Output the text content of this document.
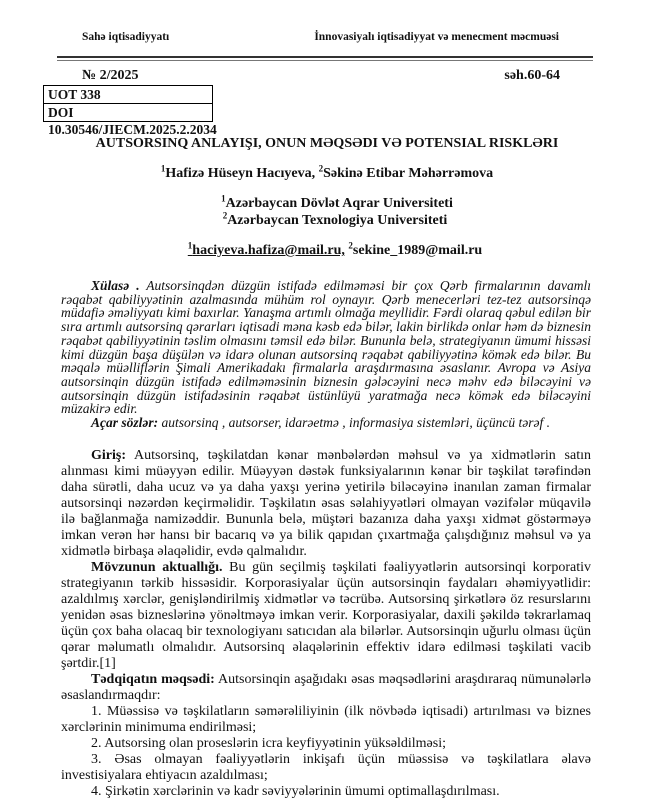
Sahə iqtisadiyyatı	İnnovasiyalı iqtisadiyyat və menecment məcmuəsi
№ 2/2025	səh.60-64
UOT 338
DOI 10.30546/JIECM.2025.2.2034
AUTSORSINQ ANLAYIŞI, ONUN MƏQSƏDI VƏ POTENSIAL RISKLƏRI
$^1$Hafizə Hüseyn Hacıyeva, $^2$Səkinə Etibar Məhərrəmova
$^1$Azərbaycan Dövlət Aqrar Universiteti
$^2$Azərbaycan Texnologiya Universiteti
$^1$haciyeva.hafiza@mail.ru, $^2$sekine_1989@mail.ru

Xülasə . Autsorsinqdən düzgün istifadə edilməməsi bir çox Qərb firmalarının davamlı rəqabət qabiliyyətinin azalmasında mühüm rol oynayır. Qərb menecerləri tez-tez autsorsinqə müdafiə əməliyyatı kimi baxırlar. Yanaşma artımlı olmağa meyllidir. Fərdi olaraq qəbul edilən bir sıra artımlı autsorsinq qərarları iqtisadi məna kəsb edə bilər, lakin birlikdə onlar həm də biznesin rəqabət qabiliyyətinin təslim olmasını təmsil edə bilər. Bununla belə, strategiyanın ümumi hissəsi kimi düzgün başa düşülən və idarə olunan autsorsinq rəqabət qabiliyyətinə kömək edə bilər. Bu məqalə müəlliflərin Şimali Amerikadakı firmalarla araşdırmasına əsaslanır. Avropa və Asiya autsorsinqin düzgün istifadə edilməməsinin biznesin gələcəyini necə məhv edə biləcəyini və autsorsinqin düzgün istifadəsinin rəqabət üstünlüyü yaratmağa necə kömək edə biləcəyini müzakirə edir.

Açar sözlər: autsorsinq , autsorser, idarəetmə , informasiya sistemləri, üçüncü tərəf .

Giriş: Autsorsinq, təşkilatdan kənar mənbələrdən məhsul və ya xidmətlərin satın alınması kimi müəyyən edilir. Müəyyən dəstək funksiyalarının kənar bir təşkilat tərəfindən daha sürətli, daha ucuz və ya daha yaxşı yerinə yetirilə biləcəyinə inanılan zaman firmalar autsorsinqi nəzərdən keçirməlidir. Təşkilatın əsas səlahiyyətləri olmayan vəzifələr müqavilə ilə bağlanmağa namizəddir. Bununla belə, müştəri bazanıza daha yaxşı xidmət göstərməyə imkan verən hər hansı bir bacarıq və ya bilik qapıdan çıxartmağa çalışdığınız məhsul və ya xidmətlə birbaşa əlaqəlidir, evdə qalmalıdır.

Mövzunun aktuallığı. Bu gün seçilmiş təşkilati fəaliyyətlərin autsorsinqi korporativ strategiyanın tərkib hissəsidir. Korporasiyalar üçün autsorsinqin faydaları əhəmiyyətlidir: azaldılmış xərclər, genişləndirilmiş xidmətlər və təcrübə. Autsorsinq şirkətlərə öz resurslarını yenidən əsas bizneslərinə yönəltməyə imkan verir. Korporasiyalar, daxili şəkildə təkrarlamaq üçün çox baha olacaq bir texnologiyanı satıcıdan ala bilərlər. Autsorsinqin uğurlu olması üçün qərar məlumatlı olmalıdır. Autsorsinq əlaqələrinin effektiv idarə edilməsi təşkilati vacib şərtdir.[1]

Tədqiqatın məqsədi: Autsorsinqin aşağıdakı əsas məqsədlərini araşdıraraq nümunələrlə əsaslandırmaqdır:

1. Müəssisə və təşkilatların səmərəliliyinin (ilk növbədə iqtisadi) artırılması və biznes xərclərinin minimuma endirilməsi;

2. Autsorsing olan proseslərin icra keyfiyyətinin yüksəldilməsi;

3. Əsas olmayan fəaliyyətlərin inkişafı üçün müəssisə və təşkilatlara əlavə investisiyalara ehtiyacın azaldılması;

4. Şirkətin xərclərinin və kadr səviyyələrinin ümumi optimallaşdırılması.
